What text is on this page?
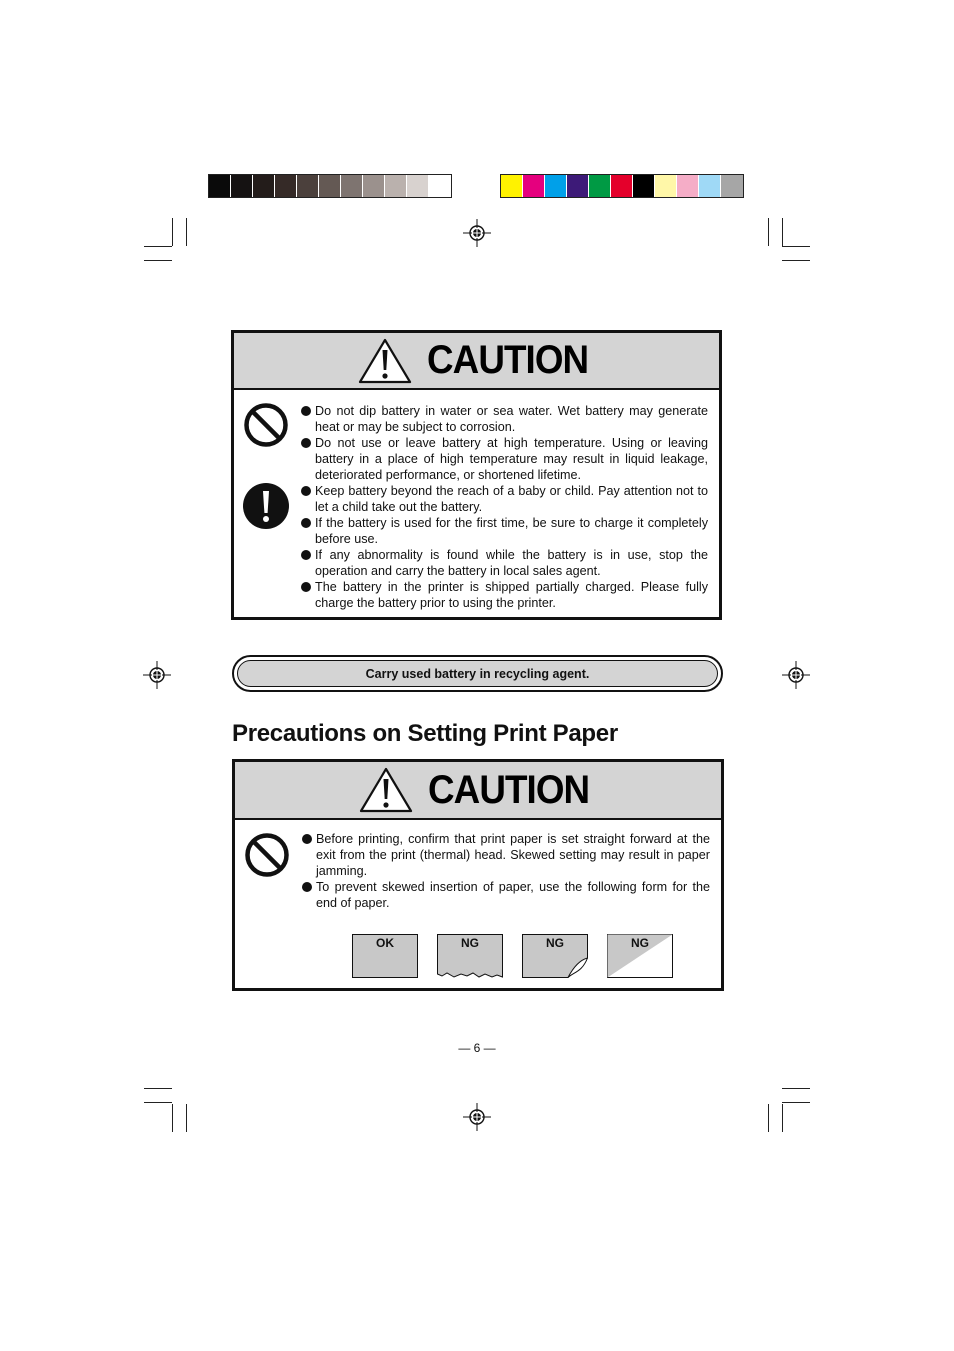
CAUTION
Do not dip battery in water or sea water. Wet battery may generate heat or may be subject to corrosion.
Do not use or leave battery at high temperature. Using or leaving battery in a place of high temperature may result in liquid leakage, deteriorated performance, or shortened lifetime.
Keep battery beyond the reach of a baby or child. Pay attention not to let a child take out the battery.
If the battery is used for the first time, be sure to charge it completely before use.
If any abnormality is found while the battery is in use, stop the operation and carry the battery in local sales agent.
The battery in the printer is shipped partially charged. Please fully charge the battery prior to using the printer.
Carry used battery in recycling agent.
Precautions on Setting Print Paper
CAUTION
Before printing, confirm that print paper is set straight forward at the exit from the print (thermal) head. Skewed setting may result in paper jamming.
To prevent skewed insertion of paper, use the following form for the end of paper.
OK	NG	NG	NG
— 6 —
